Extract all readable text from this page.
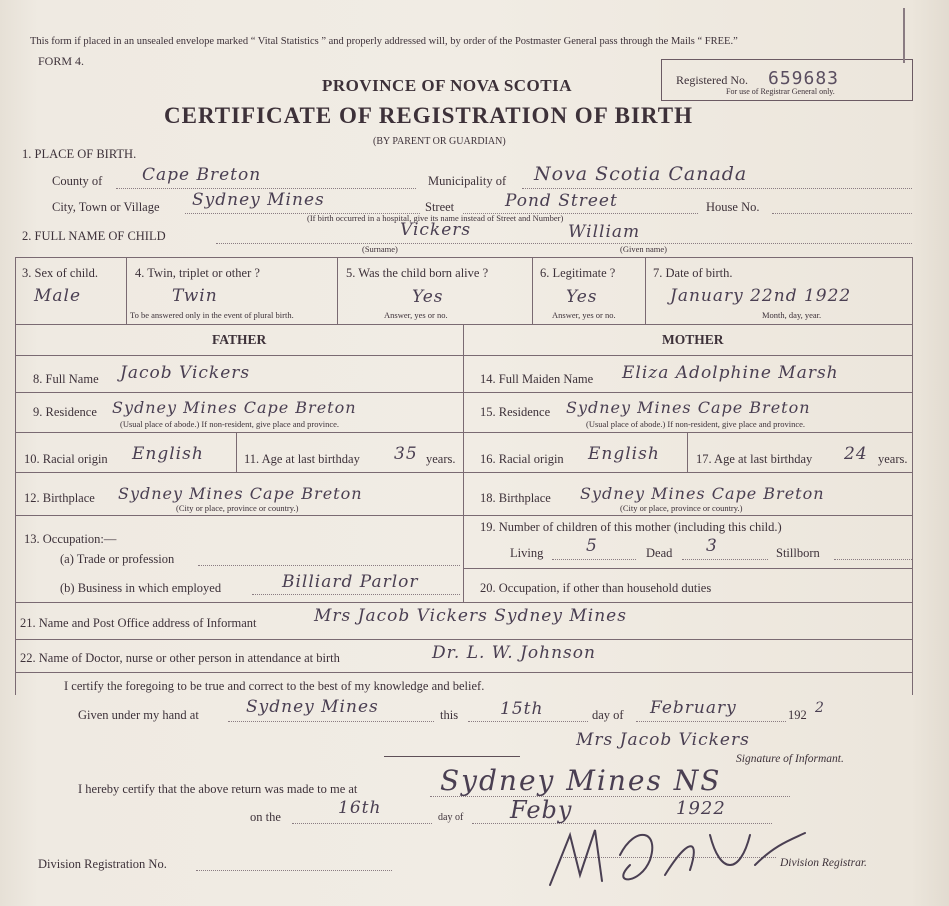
This form if placed in an unsealed envelope marked “ Vital Statistics ” and properly addressed will, by order of the Postmaster General pass through the Mails “ FREE.”
FORM 4.
PROVINCE OF NOVA SCOTIA
CERTIFICATE OF REGISTRATION OF BIRTH
(BY PARENT OR GUARDIAN)
Registered No. 659683
For use of Registrar General only.
1. PLACE OF BIRTH.
County of Cape Breton	Municipality of Nova Scotia Canada
City, Town or Village Sydney Mines	Street	Pond Street	House No.
(If birth occurred in a hospital, give its name instead of Street and Number)
2. FULL NAME OF CHILD	Vickers	William
(Surname)	(Given name)
3. Sex of child.
Male
4. Twin, triplet or other ?
Twin
To be answered only in the event of plural birth.
5. Was the child born alive ?
Yes
Answer, yes or no.
6. Legitimate ?
Yes
Answer, yes or no.
7. Date of birth.
January 22nd 1922
Month, day, year.
FATHER	MOTHER
8. Full Name Jacob Vickers
9. Residence Sydney Mines Cape Breton
(Usual place of abode.) If non-resident, give place and province.
10. Racial origin English	11. Age at last birthday 35 years.
12. Birthplace Sydney Mines Cape Breton
(City or place, province or country.)
13. Occupation:—
(a) Trade or profession
(b) Business in which employed	Billiard Parlor
14. Full Maiden Name Eliza Adolphine Marsh
15. Residence Sydney Mines Cape Breton
(Usual place of abode.) If non-resident, give place and province.
16. Racial origin English	17. Age at last birthday 24 years.
18. Birthplace Sydney Mines Cape Breton
(City or place, province or country.)
19. Number of children of this mother (including this child.)
Living	5	Dead 3	Stillborn
20. Occupation, if other than household duties
21. Name and Post Office address of Informant	Mrs Jacob Vickers Sydney Mines
22. Name of Doctor, nurse or other person in attendance at birth	Dr. L. W. Johnson
I certify the foregoing to be true and correct to the best of my knowledge and belief.
Given under my hand at	Sydney Mines	this 15th	day of February	192 2
Mrs Jacob Vickers
Signature of Informant.
I hereby certify that the above return was made to me at	Sydney Mines NS
on the	16th	day of Feby	1922
Division Registration No.	Division Registrar.
